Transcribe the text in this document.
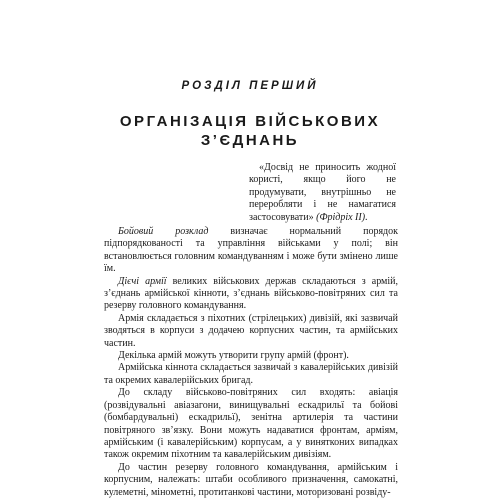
РОЗДІЛ ПЕРШИЙ
ОРГАНІЗАЦІЯ ВІЙСЬКОВИХ
З’ЄДНАНЬ

«Досвід не приносить жодної користі, якщо його не продумувати, внутрішньо не переробляти і не намагатися застосовувати» (Фрідріх II).

Бойовий розклад визначає нормальний порядок підпорядкованості та управління військами у полі; він встановлюється головним командуванням і може бути змінено лише їм.

Дієчі армії великих військових держав складаються з армій, з’єднань армійської кінноти, з’єднань військово-повітряних сил та резерву головного командування.

Армія складається з піхотних (стрілецьких) дивізій, які зазвичай зводяться в корпуси з додачею корпусних частин, та армійських частин.

Декілька армій можуть утворити групу армій (фронт).

Армійська кіннота складається зазвичай з кавалерійських дивізій та окремих кавалерійських бригад.

До складу військово-повітряних сил входять: авіація (розвідувальні авіазагони, винищувальні ескадрильї та бойові (бомбардувальні) ескадрильї), зенітна артилерія та частини повітряного зв’язку. Вони можуть надаватися фронтам, арміям, армійським (і кавалерійським) корпусам, а у винятконих випадках також окремим піхотним та кавалерійським дивізіям.

До частин резерву головного командування, армійським і корпусним, належать: штаби особливого призначення, самокатні, кулеметні, мінометні, протитанкові частини, моторизовані розвіду-
